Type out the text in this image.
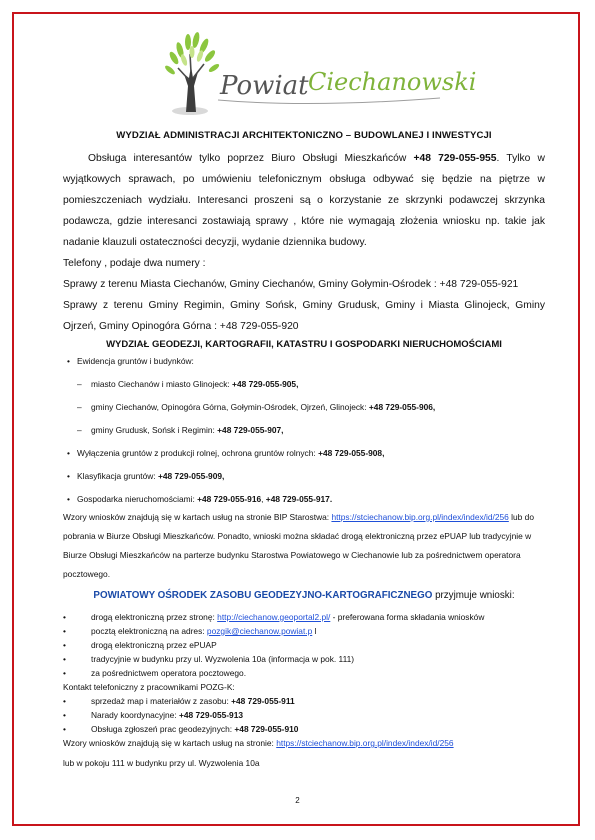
Powiat Ciechanowski
WYDZIAŁ ADMINISTRACJI ARCHITEKTONICZNO – BUDOWLANEJ I INWESTYCJI

Obsługa interesantów tylko poprzez Biuro Obsługi Mieszkańców +48 729-055-955. Tylko w wyjątkowych sprawach, po umówieniu telefonicznym obsługa odbywać się będzie na piętrze w pomieszczeniach wydziału. Interesanci proszeni są o korzystanie ze skrzynki podawczej skrzynka podawcza, gdzie interesanci zostawiają sprawy , które nie wymagają złożenia wniosku np. takie jak nadanie klauzuli ostateczności decyzji, wydanie dziennika budowy.

Telefony , podaje dwa numery :

Sprawy z terenu Miasta Ciechanów, Gminy Ciechanów, Gminy Gołymin-Ośrodek : +48 729-055-921

Sprawy z terenu Gminy Regimin, Gminy Sońsk, Gminy Grudusk, Gminy i Miasta Glinojeck, Gminy Ojrzeń, Gminy Opinogóra Górna : +48 729-055-920

WYDZIAŁ GEODEZJI, KARTOGRAFII, KATASTRU I GOSPODARKI NIERUCHOMOŚCIAMI
• Ewidencja gruntów i budynków:
– miasto Ciechanów i miasto Glinojeck: +48 729-055-905,
– gminy Ciechanów, Opinogóra Górna, Gołymin-Ośrodek, Ojrzeń, Glinojeck: +48 729-055-906,
– gminy Grudusk, Sońsk i Regimin: +48 729-055-907,
• Wyłączenia gruntów z produkcji rolnej, ochrona gruntów rolnych: +48 729-055-908,
• Klasyfikacja gruntów: +48 729-055-909,
• Gospodarka nieruchomościami: +48 729-055-916, +48 729-055-917.

Wzory wniosków znajdują się w kartach usług na stronie BIP Starostwa: https://stciechanow.bip.org.pl/index/index/id/256 lub do pobrania w Biurze Obsługi Mieszkańców. Ponadto, wnioski można składać drogą elektroniczną przez ePUAP lub tradycyjnie w Biurze Obsługi Mieszkańców na parterze budynku Starostwa Powiatowego w Ciechanowie lub za pośrednictwem operatora pocztowego.

POWIATOWY OŚRODEK ZASOBU GEODEZYJNO-KARTOGRAFICZNEGO przyjmuje wnioski:
•	drogą elektroniczną przez stronę: http://ciechanow.geoportal2.pl/ - preferowana forma składania wniosków
•	pocztą elektroniczną na adres: pozgik@ciechanow.powiat.p l
•	drogą elektroniczną przez ePUAP
•	tradycyjnie w budynku przy ul. Wyzwolenia 10a (informacja w pok. 111)
•	za pośrednictwem operatora pocztowego.

Kontakt telefoniczny z pracownikami POZG-K:

•	sprzedaż map i materiałów z zasobu: +48 729-055-911
•	Narady koordynacyjne: +48 729-055-913
•	Obsługa zgłoszeń prac geodezyjnych: +48 729-055-910

Wzory wniosków znajdują się w kartach usług na stronie: https://stciechanow.bip.org.pl/index/index/id/256

lub w pokoju 111 w budynku przy ul. Wyzwolenia 10a

2
